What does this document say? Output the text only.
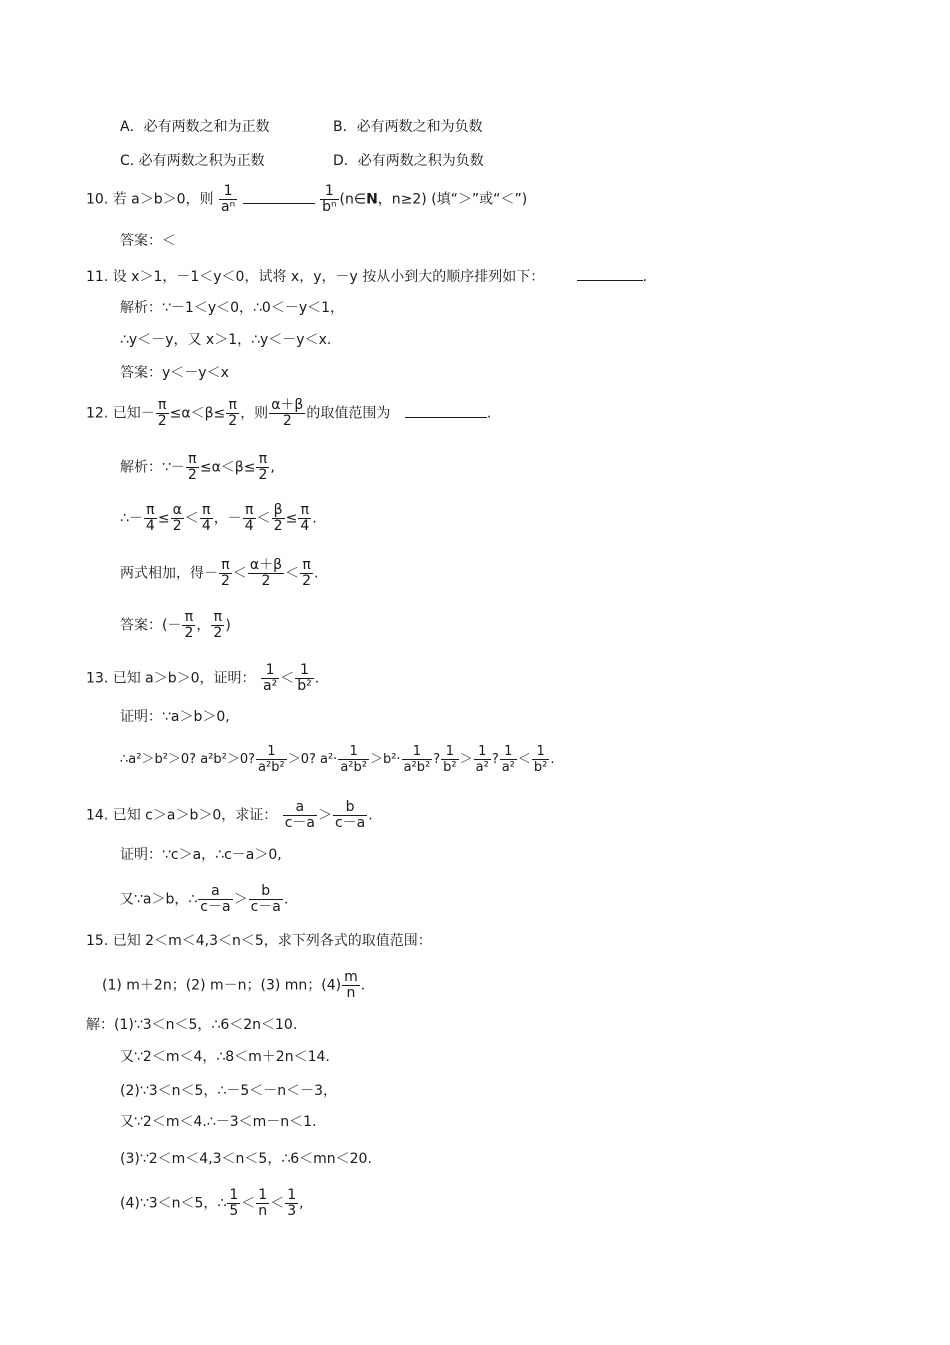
A．必有两数之和为正数	B．必有两数之和为负数
C. 必有两数之积为正数	D．必有两数之积为负数
10. 若 a＞b＞0，则 $\frac{1}{\text{aⁿ}}$
	$\frac{1}{\text{bⁿ}}$ (n∈N，n≥2) (填“＞”或“＜”)
答案：＜
11. 设 x＞1，－1＜y＜0，试将 x，y，－y 按从小到大的顺序排列如下：	.
解析：∵－1＜y＜0，∴0＜－y＜1，
∴y＜－y，又 x＞1，∴y＜－y＜x.
答案：y＜－y＜x
12. 已知－ $\frac{\pi}{2} \le\alpha<\beta\le \frac{\pi}{2}$ ，则 $\frac{\alpha+\beta}{2}$ 的取值范围为	.
解析：∵－ $\frac{\pi}{2} \le\alpha<\beta\le \frac{\pi}{2}$ ,
∴－ $\frac{\pi}{4} \le \frac{\alpha}{2} < \frac{\pi}{4}$ ，－ $\frac{\pi}{4} < \frac{\beta}{2} \le \frac{\pi}{4}$ .
两式相加，得－ $\frac{\pi}{2} < \frac{\alpha+\beta}{2} < \frac{\pi}{2}$ .
答案：(－ $\frac{\pi}{2}$ ， $\frac{\pi}{2}$ )
13. 已知 a＞b＞0，证明： $\frac{1}{\text{a²}} < \frac{1}{\text{b²}}$ .
证明：∵a＞b＞0,
∴a²＞b²＞0? a²b²＞0? $\frac{1}{\text{a²b²}} >0$? $a^2\cdot \frac{1}{\text{a²b²}} >b^2\cdot \frac{1}{\text{a²b²}}$ ? $\frac{1}{\text{b²}} > \frac{1}{\text{a²}}$ ? $\frac{1}{\text{a²}} < \frac{1}{\text{b²}}$ .
14. 已知 c＞a＞b＞0，求证： $\frac{a}{c-a} > \frac{b}{c-a}$ .
证明：∵c＞a，∴c－a＞0,
又∵a＞b，∴ $\frac{a}{c-a} > \frac{b}{c-a}$ .
15. 已知 2＜m＜4,3＜n＜5，求下列各式的取值范围：
(1) m＋2n；(2) m－n；(3) mn；$(4) \frac{m}{n}$ .
解：(1)∵3＜n＜5，∴6＜2n＜10.
又∵2＜m＜4，∴8＜m＋2n＜14.
(2)∵3＜n＜5，∴－5＜－n＜－3，
又∵2＜m＜4.∴－3＜m－n＜1.
(3)∵2＜m＜4,3＜n＜5，∴6＜mn＜20.
(4)∵3＜n＜5，∴ $\frac{1}{5} < \frac{1}{n} < \frac{1}{3}$ ,
